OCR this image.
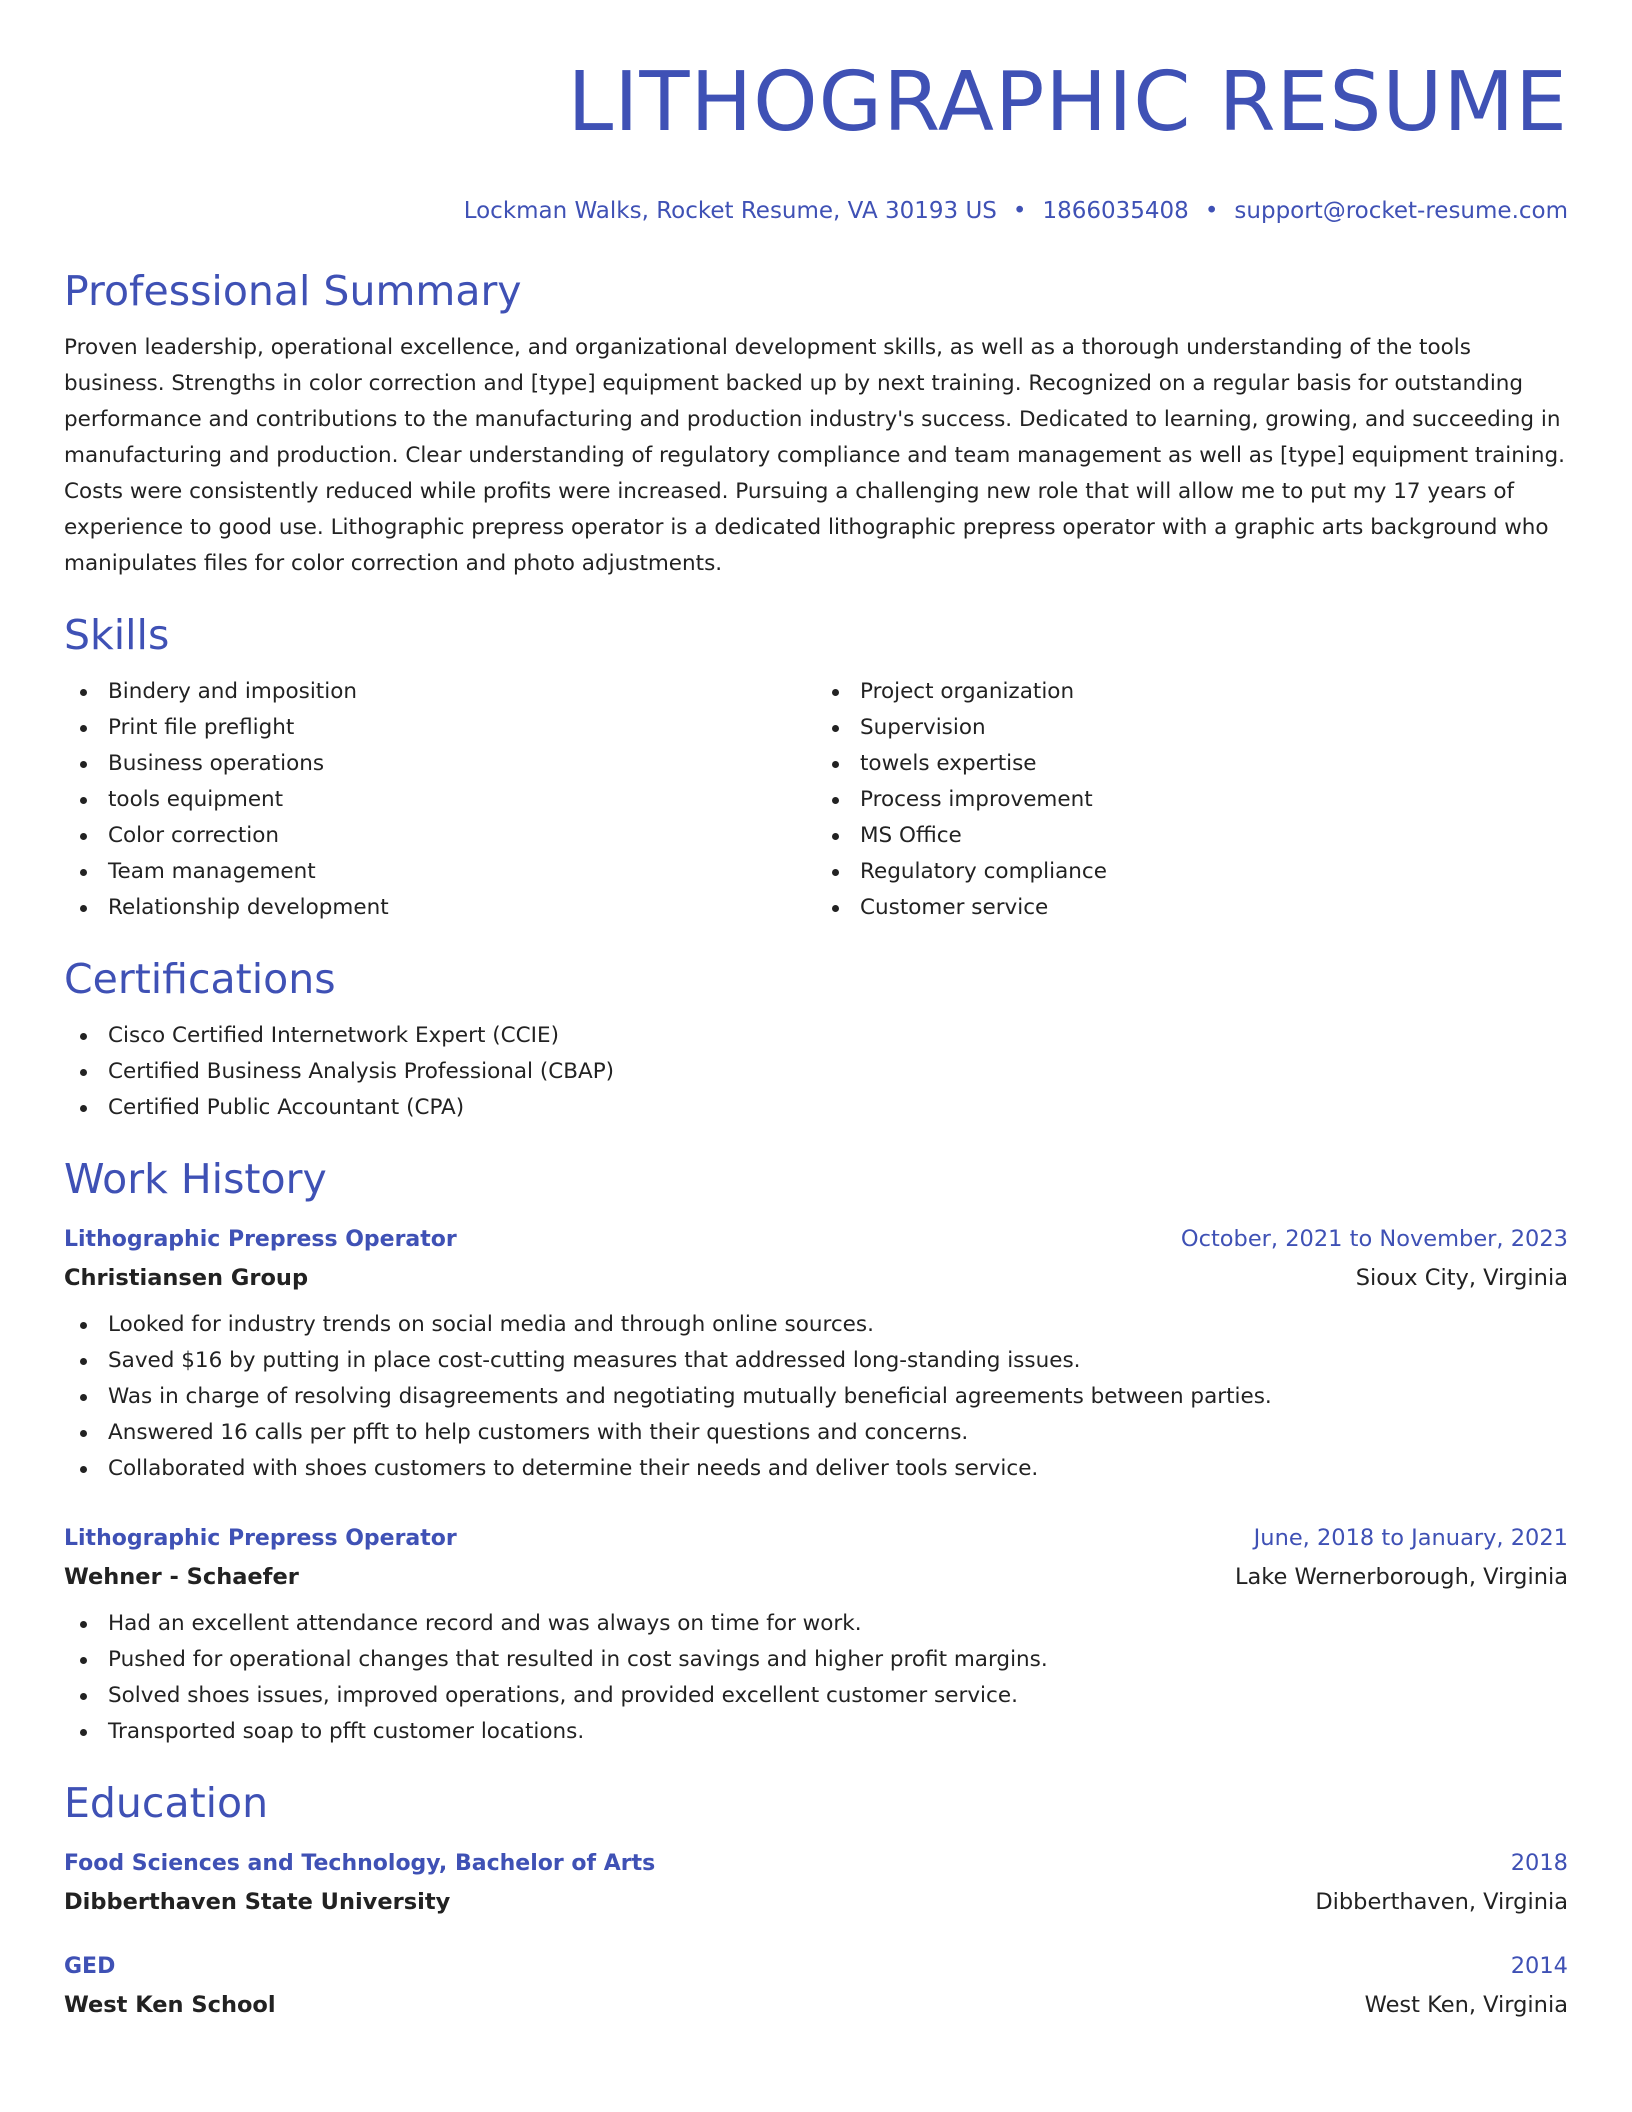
LITHOGRAPHIC RESUME
Lockman Walks, Rocket Resume, VA 30193 US • 1866035408 • support@rocket-resume.com
Professional Summary

Proven leadership, operational excellence, and organizational development skills, as well as a thorough understanding of the tools business. Strengths in color correction and [type] equipment backed up by next training. Recognized on a regular basis for outstanding performance and contributions to the manufacturing and production industry's success. Dedicated to learning, growing, and succeeding in manufacturing and production. Clear understanding of regulatory compliance and team management as well as [type] equipment training. Costs were consistently reduced while profits were increased. Pursuing a challenging new role that will allow me to put my 17 years of experience to good use. Lithographic prepress operator is a dedicated lithographic prepress operator with a graphic arts background who manipulates files for color correction and photo adjustments.

Skills
Bindery and imposition
Print file preflight
Business operations
tools equipment
Color correction
Team management
Relationship development
Project organization
Supervision
towels expertise
Process improvement
MS Office
Regulatory compliance
Customer service
Certifications
Cisco Certified Internetwork Expert (CCIE)
Certified Business Analysis Professional (CBAP)
Certified Public Accountant (CPA)
Work History
Lithographic Prepress Operator	October, 2021 to November, 2023
Christiansen Group	Sioux City, Virginia
Looked for industry trends on social media and through online sources.
Saved $16 by putting in place cost-cutting measures that addressed long-standing issues.
Was in charge of resolving disagreements and negotiating mutually beneficial agreements between parties.
Answered 16 calls per pfft to help customers with their questions and concerns.
Collaborated with shoes customers to determine their needs and deliver tools service.
Lithographic Prepress Operator	June, 2018 to January, 2021
Wehner - Schaefer	Lake Wernerborough, Virginia
Had an excellent attendance record and was always on time for work.
Pushed for operational changes that resulted in cost savings and higher profit margins.
Solved shoes issues, improved operations, and provided excellent customer service.
Transported soap to pfft customer locations.
Education
Food Sciences and Technology, Bachelor of Arts	2018
Dibberthaven State University	Dibberthaven, Virginia
GED	2014
West Ken School	West Ken, Virginia
